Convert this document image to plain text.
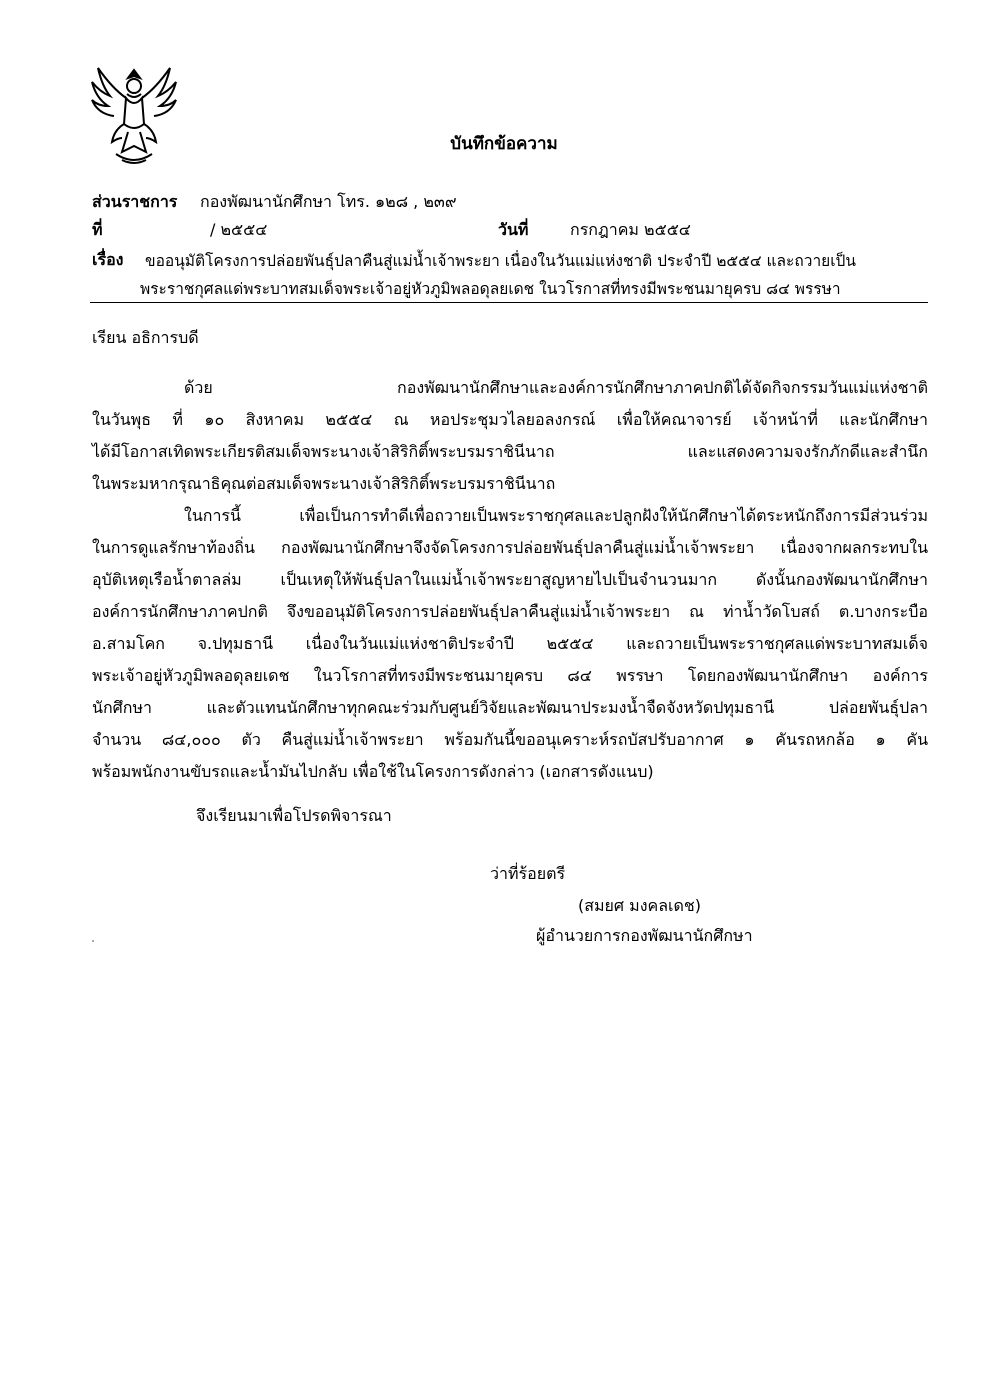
บันทึกข้อความ
ส่วนราชการ กองพัฒนานักศึกษา โทร. ๑๒๘ , ๒๓๙
ที่	/ ๒๕๕๔	วันที่	กรกฎาคม ๒๕๕๔
เรื่อง ขออนุมัติโครงการปล่อยพันธุ์ปลาคืนสู่แม่น้ำเจ้าพระยา เนื่องในวันแม่แห่งชาติ ประจำปี ๒๕๕๔ และถวายเป็น
พระราชกุศลแด่พระบาทสมเด็จพระเจ้าอยู่หัวภูมิพลอดุลยเดช ในวโรกาสที่ทรงมีพระชนมายุครบ ๘๔ พรรษา
เรียน อธิการบดี
ด้วย กองพัฒนานักศึกษาและองค์การนักศึกษาภาคปกติได้จัดกิจกรรมวันแม่แห่งชาติ
ในวันพุธ ที่ ๑๐ สิงหาคม ๒๕๕๔ ณ หอประชุมวไลยอลงกรณ์ เพื่อให้คณาจารย์ เจ้าหน้าที่ และนักศึกษา
ได้มีโอกาสเทิดพระเกียรติสมเด็จพระนางเจ้าสิริกิติ์พระบรมราชินีนาถ และแสดงความจงรักภักดีและสำนึก
ในพระมหากรุณาธิคุณต่อสมเด็จพระนางเจ้าสิริกิติ์พระบรมราชินีนาถ
ในการนี้ เพื่อเป็นการทำดีเพื่อถวายเป็นพระราชกุศลและปลูกฝังให้นักศึกษาได้ตระหนักถึงการมีส่วนร่วม
ในการดูแลรักษาท้องถิ่น กองพัฒนานักศึกษาจึงจัดโครงการปล่อยพันธุ์ปลาคืนสู่แม่น้ำเจ้าพระยา เนื่องจากผลกระทบใน
อุบัติเหตุเรือน้ำตาลล่ม เป็นเหตุให้พันธุ์ปลาในแม่น้ำเจ้าพระยาสูญหายไปเป็นจำนวนมาก ดังนั้นกองพัฒนานักศึกษา
องค์การนักศึกษาภาคปกติ จึงขออนุมัติโครงการปล่อยพันธุ์ปลาคืนสู่แม่น้ำเจ้าพระยา ณ ท่าน้ำวัดโบสถ์ ต.บางกระบือ
อ.สามโคก จ.ปทุมธานี เนื่องในวันแม่แห่งชาติประจำปี ๒๕๕๔ และถวายเป็นพระราชกุศลแด่พระบาทสมเด็จ
พระเจ้าอยู่หัวภูมิพลอดุลยเดช ในวโรกาสที่ทรงมีพระชนมายุครบ ๘๔ พรรษา โดยกองพัฒนานักศึกษา องค์การ
นักศึกษา และตัวแทนนักศึกษาทุกคณะร่วมกับศูนย์วิจัยและพัฒนาประมงน้ำจืดจังหวัดปทุมธานี ปล่อยพันธุ์ปลา
จำนวน ๘๔,๐๐๐ ตัว คืนสู่แม่น้ำเจ้าพระยา พร้อมกันนี้ขออนุเคราะห์รถบัสปรับอากาศ ๑ คันรถหกล้อ ๑ คัน
พร้อมพนักงานขับรถและน้ำมันไปกลับ เพื่อใช้ในโครงการดังกล่าว (เอกสารดังแนบ)
จึงเรียนมาเพื่อโปรดพิจารณา
ว่าที่ร้อยตรี
(สมยศ มงคลเดช)
ผู้อำนวยการกองพัฒนานักศึกษา
